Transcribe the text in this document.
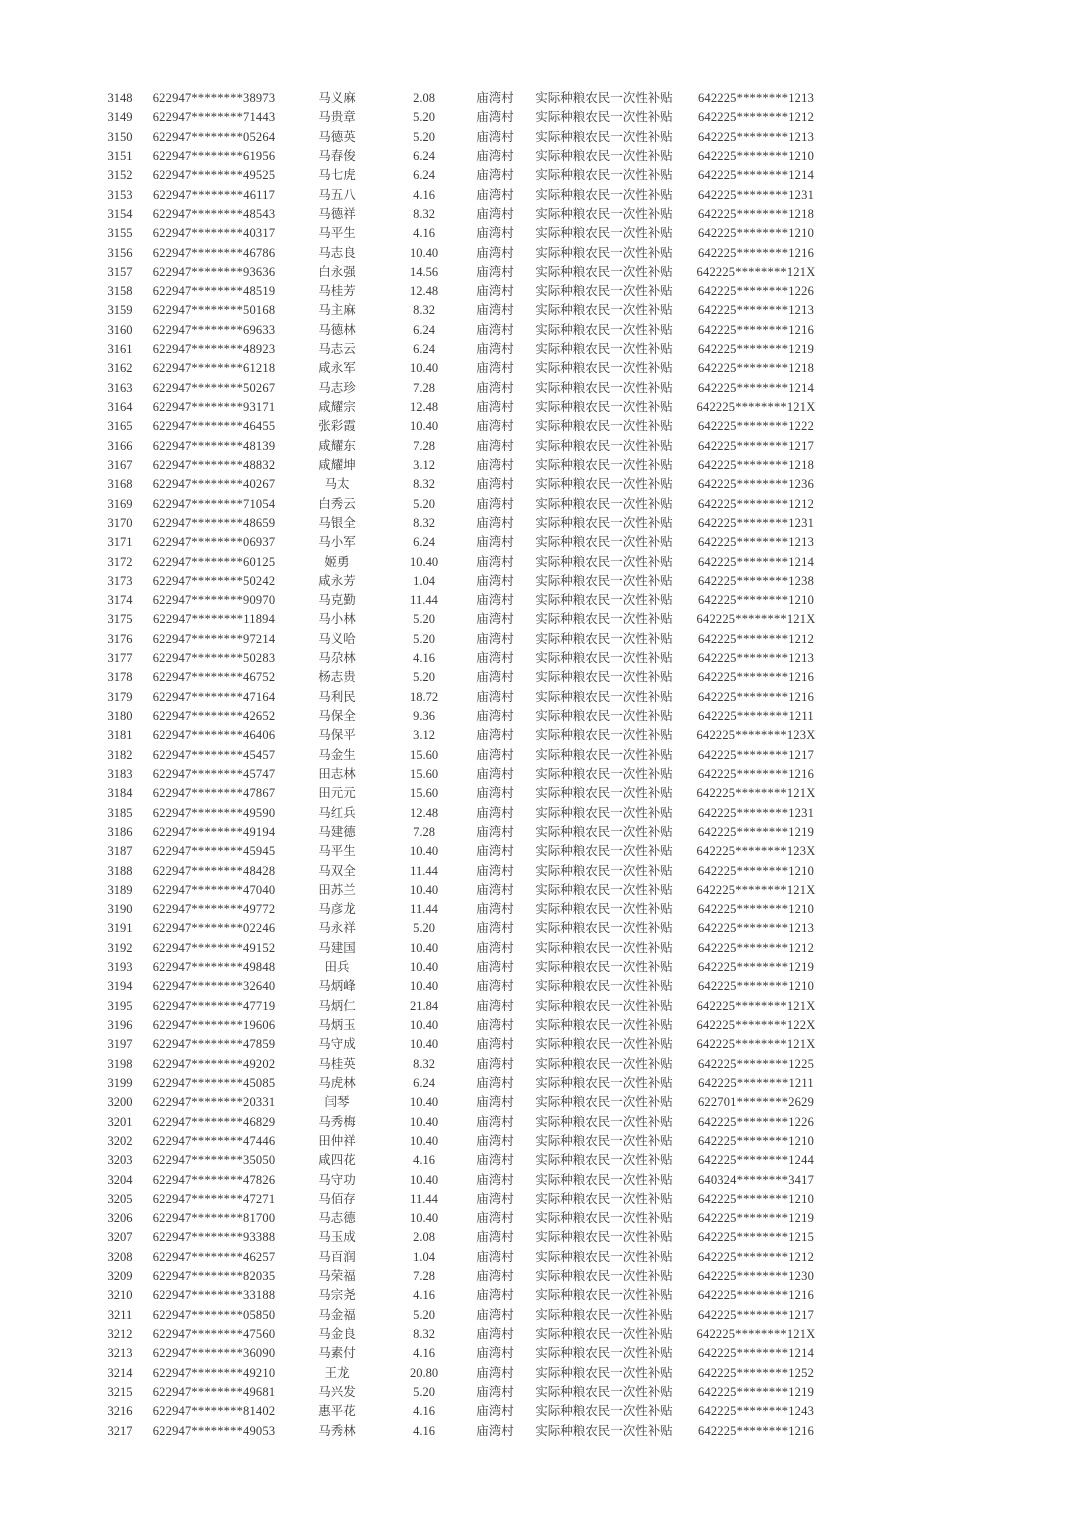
3148	622947********38973	马义麻	2.08	庙湾村	实际种粮农民一次性补贴	642225********1213
3149	622947********71443	马贵章	5.20	庙湾村	实际种粮农民一次性补贴	642225********1212
3150	622947********05264	马德英	5.20	庙湾村	实际种粮农民一次性补贴	642225********1213
3151	622947********61956	马春俊	6.24	庙湾村	实际种粮农民一次性补贴	642225********1210
3152	622947********49525	马七虎	6.24	庙湾村	实际种粮农民一次性补贴	642225********1214
3153	622947********46117	马五八	4.16	庙湾村	实际种粮农民一次性补贴	642225********1231
3154	622947********48543	马德祥	8.32	庙湾村	实际种粮农民一次性补贴	642225********1218
3155	622947********40317	马平生	4.16	庙湾村	实际种粮农民一次性补贴	642225********1210
3156	622947********46786	马志良	10.40	庙湾村	实际种粮农民一次性补贴	642225********1216
3157	622947********93636	白永强	14.56	庙湾村	实际种粮农民一次性补贴	642225********121X
3158	622947********48519	马桂芳	12.48	庙湾村	实际种粮农民一次性补贴	642225********1226
3159	622947********50168	马主麻	8.32	庙湾村	实际种粮农民一次性补贴	642225********1213
3160	622947********69633	马德林	6.24	庙湾村	实际种粮农民一次性补贴	642225********1216
3161	622947********48923	马志云	6.24	庙湾村	实际种粮农民一次性补贴	642225********1219
3162	622947********61218	咸永军	10.40	庙湾村	实际种粮农民一次性补贴	642225********1218
3163	622947********50267	马志珍	7.28	庙湾村	实际种粮农民一次性补贴	642225********1214
3164	622947********93171	咸耀宗	12.48	庙湾村	实际种粮农民一次性补贴	642225********121X
3165	622947********46455	张彩霞	10.40	庙湾村	实际种粮农民一次性补贴	642225********1222
3166	622947********48139	咸耀东	7.28	庙湾村	实际种粮农民一次性补贴	642225********1217
3167	622947********48832	咸耀坤	3.12	庙湾村	实际种粮农民一次性补贴	642225********1218
3168	622947********40267	马太	8.32	庙湾村	实际种粮农民一次性补贴	642225********1236
3169	622947********71054	白秀云	5.20	庙湾村	实际种粮农民一次性补贴	642225********1212
3170	622947********48659	马银全	8.32	庙湾村	实际种粮农民一次性补贴	642225********1231
3171	622947********06937	马小军	6.24	庙湾村	实际种粮农民一次性补贴	642225********1213
3172	622947********60125	姬勇	10.40	庙湾村	实际种粮农民一次性补贴	642225********1214
3173	622947********50242	咸永芳	1.04	庙湾村	实际种粮农民一次性补贴	642225********1238
3174	622947********90970	马克勤	11.44	庙湾村	实际种粮农民一次性补贴	642225********1210
3175	622947********11894	马小林	5.20	庙湾村	实际种粮农民一次性补贴	642225********121X
3176	622947********97214	马义哈	5.20	庙湾村	实际种粮农民一次性补贴	642225********1212
3177	622947********50283	马尕林	4.16	庙湾村	实际种粮农民一次性补贴	642225********1213
3178	622947********46752	杨志贵	5.20	庙湾村	实际种粮农民一次性补贴	642225********1216
3179	622947********47164	马利民	18.72	庙湾村	实际种粮农民一次性补贴	642225********1216
3180	622947********42652	马保全	9.36	庙湾村	实际种粮农民一次性补贴	642225********1211
3181	622947********46406	马保平	3.12	庙湾村	实际种粮农民一次性补贴	642225********123X
3182	622947********45457	马金生	15.60	庙湾村	实际种粮农民一次性补贴	642225********1217
3183	622947********45747	田志林	15.60	庙湾村	实际种粮农民一次性补贴	642225********1216
3184	622947********47867	田元元	15.60	庙湾村	实际种粮农民一次性补贴	642225********121X
3185	622947********49590	马红兵	12.48	庙湾村	实际种粮农民一次性补贴	642225********1231
3186	622947********49194	马建德	7.28	庙湾村	实际种粮农民一次性补贴	642225********1219
3187	622947********45945	马平生	10.40	庙湾村	实际种粮农民一次性补贴	642225********123X
3188	622947********48428	马双全	11.44	庙湾村	实际种粮农民一次性补贴	642225********1210
3189	622947********47040	田苏兰	10.40	庙湾村	实际种粮农民一次性补贴	642225********121X
3190	622947********49772	马彦龙	11.44	庙湾村	实际种粮农民一次性补贴	642225********1210
3191	622947********02246	马永祥	5.20	庙湾村	实际种粮农民一次性补贴	642225********1213
3192	622947********49152	马建国	10.40	庙湾村	实际种粮农民一次性补贴	642225********1212
3193	622947********49848	田兵	10.40	庙湾村	实际种粮农民一次性补贴	642225********1219
3194	622947********32640	马炳峰	10.40	庙湾村	实际种粮农民一次性补贴	642225********1210
3195	622947********47719	马炳仁	21.84	庙湾村	实际种粮农民一次性补贴	642225********121X
3196	622947********19606	马炳玉	10.40	庙湾村	实际种粮农民一次性补贴	642225********122X
3197	622947********47859	马守成	10.40	庙湾村	实际种粮农民一次性补贴	642225********121X
3198	622947********49202	马桂英	8.32	庙湾村	实际种粮农民一次性补贴	642225********1225
3199	622947********45085	马虎林	6.24	庙湾村	实际种粮农民一次性补贴	642225********1211
3200	622947********20331	闫琴	10.40	庙湾村	实际种粮农民一次性补贴	622701********2629
3201	622947********46829	马秀梅	10.40	庙湾村	实际种粮农民一次性补贴	642225********1226
3202	622947********47446	田仲祥	10.40	庙湾村	实际种粮农民一次性补贴	642225********1210
3203	622947********35050	咸四花	4.16	庙湾村	实际种粮农民一次性补贴	642225********1244
3204	622947********47826	马守功	10.40	庙湾村	实际种粮农民一次性补贴	640324********3417
3205	622947********47271	马佰存	11.44	庙湾村	实际种粮农民一次性补贴	642225********1210
3206	622947********81700	马志德	10.40	庙湾村	实际种粮农民一次性补贴	642225********1219
3207	622947********93388	马玉成	2.08	庙湾村	实际种粮农民一次性补贴	642225********1215
3208	622947********46257	马百润	1.04	庙湾村	实际种粮农民一次性补贴	642225********1212
3209	622947********82035	马荣福	7.28	庙湾村	实际种粮农民一次性补贴	642225********1230
3210	622947********33188	马宗尧	4.16	庙湾村	实际种粮农民一次性补贴	642225********1216
3211	622947********05850	马金福	5.20	庙湾村	实际种粮农民一次性补贴	642225********1217
3212	622947********47560	马金良	8.32	庙湾村	实际种粮农民一次性补贴	642225********121X
3213	622947********36090	马素付	4.16	庙湾村	实际种粮农民一次性补贴	642225********1214
3214	622947********49210	王龙	20.80	庙湾村	实际种粮农民一次性补贴	642225********1252
3215	622947********49681	马兴发	5.20	庙湾村	实际种粮农民一次性补贴	642225********1219
3216	622947********81402	惠平花	4.16	庙湾村	实际种粮农民一次性补贴	642225********1243
3217	622947********49053	马秀林	4.16	庙湾村	实际种粮农民一次性补贴	642225********1216
